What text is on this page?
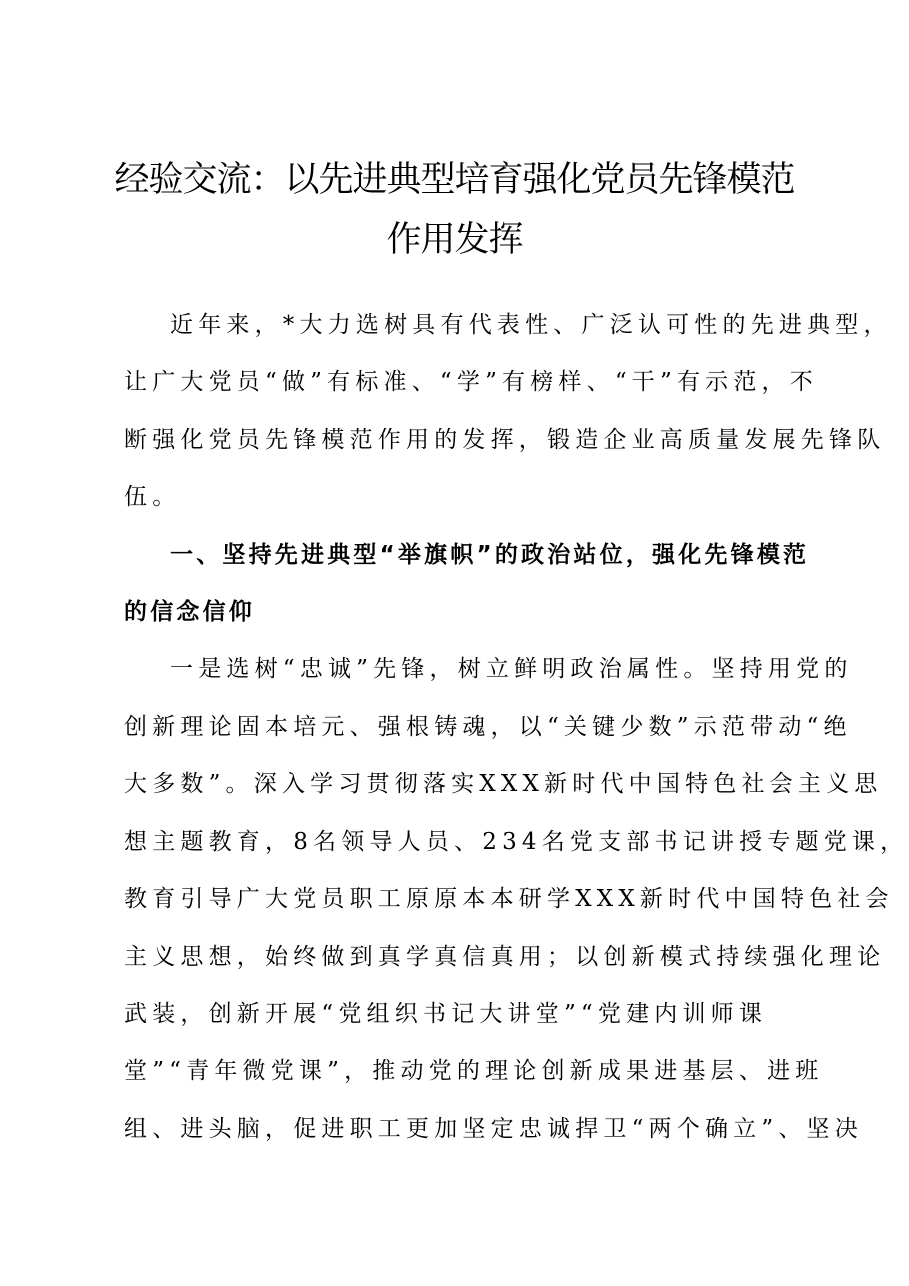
经验交流：以先进典型培育强化党员先锋模范
作用发挥

近年来，*大力选树具有代表性、广泛认可性的先进典型，

让广大党员“做”有标准、“学”有榜样、“干”有示范，不

断强化党员先锋模范作用的发挥，锻造企业高质量发展先锋队

伍。

一、坚持先进典型“举旗帜”的政治站位，强化先锋模范

的信念信仰

一是选树“忠诚”先锋，树立鲜明政治属性。坚持用党的

创新理论固本培元、强根铸魂，以“关键少数”示范带动“绝

大多数”。深入学习贯彻落实XXX新时代中国特色社会主义思

想主题教育，8名领导人员、234名党支部书记讲授专题党课，

教育引导广大党员职工原原本本研学XXX新时代中国特色社会

主义思想，始终做到真学真信真用；以创新模式持续强化理论

武装，创新开展“党组织书记大讲堂”“党建内训师课

堂”“青年微党课”，推动党的理论创新成果进基层、进班

组、进头脑，促进职工更加坚定忠诚捍卫“两个确立”、坚决
